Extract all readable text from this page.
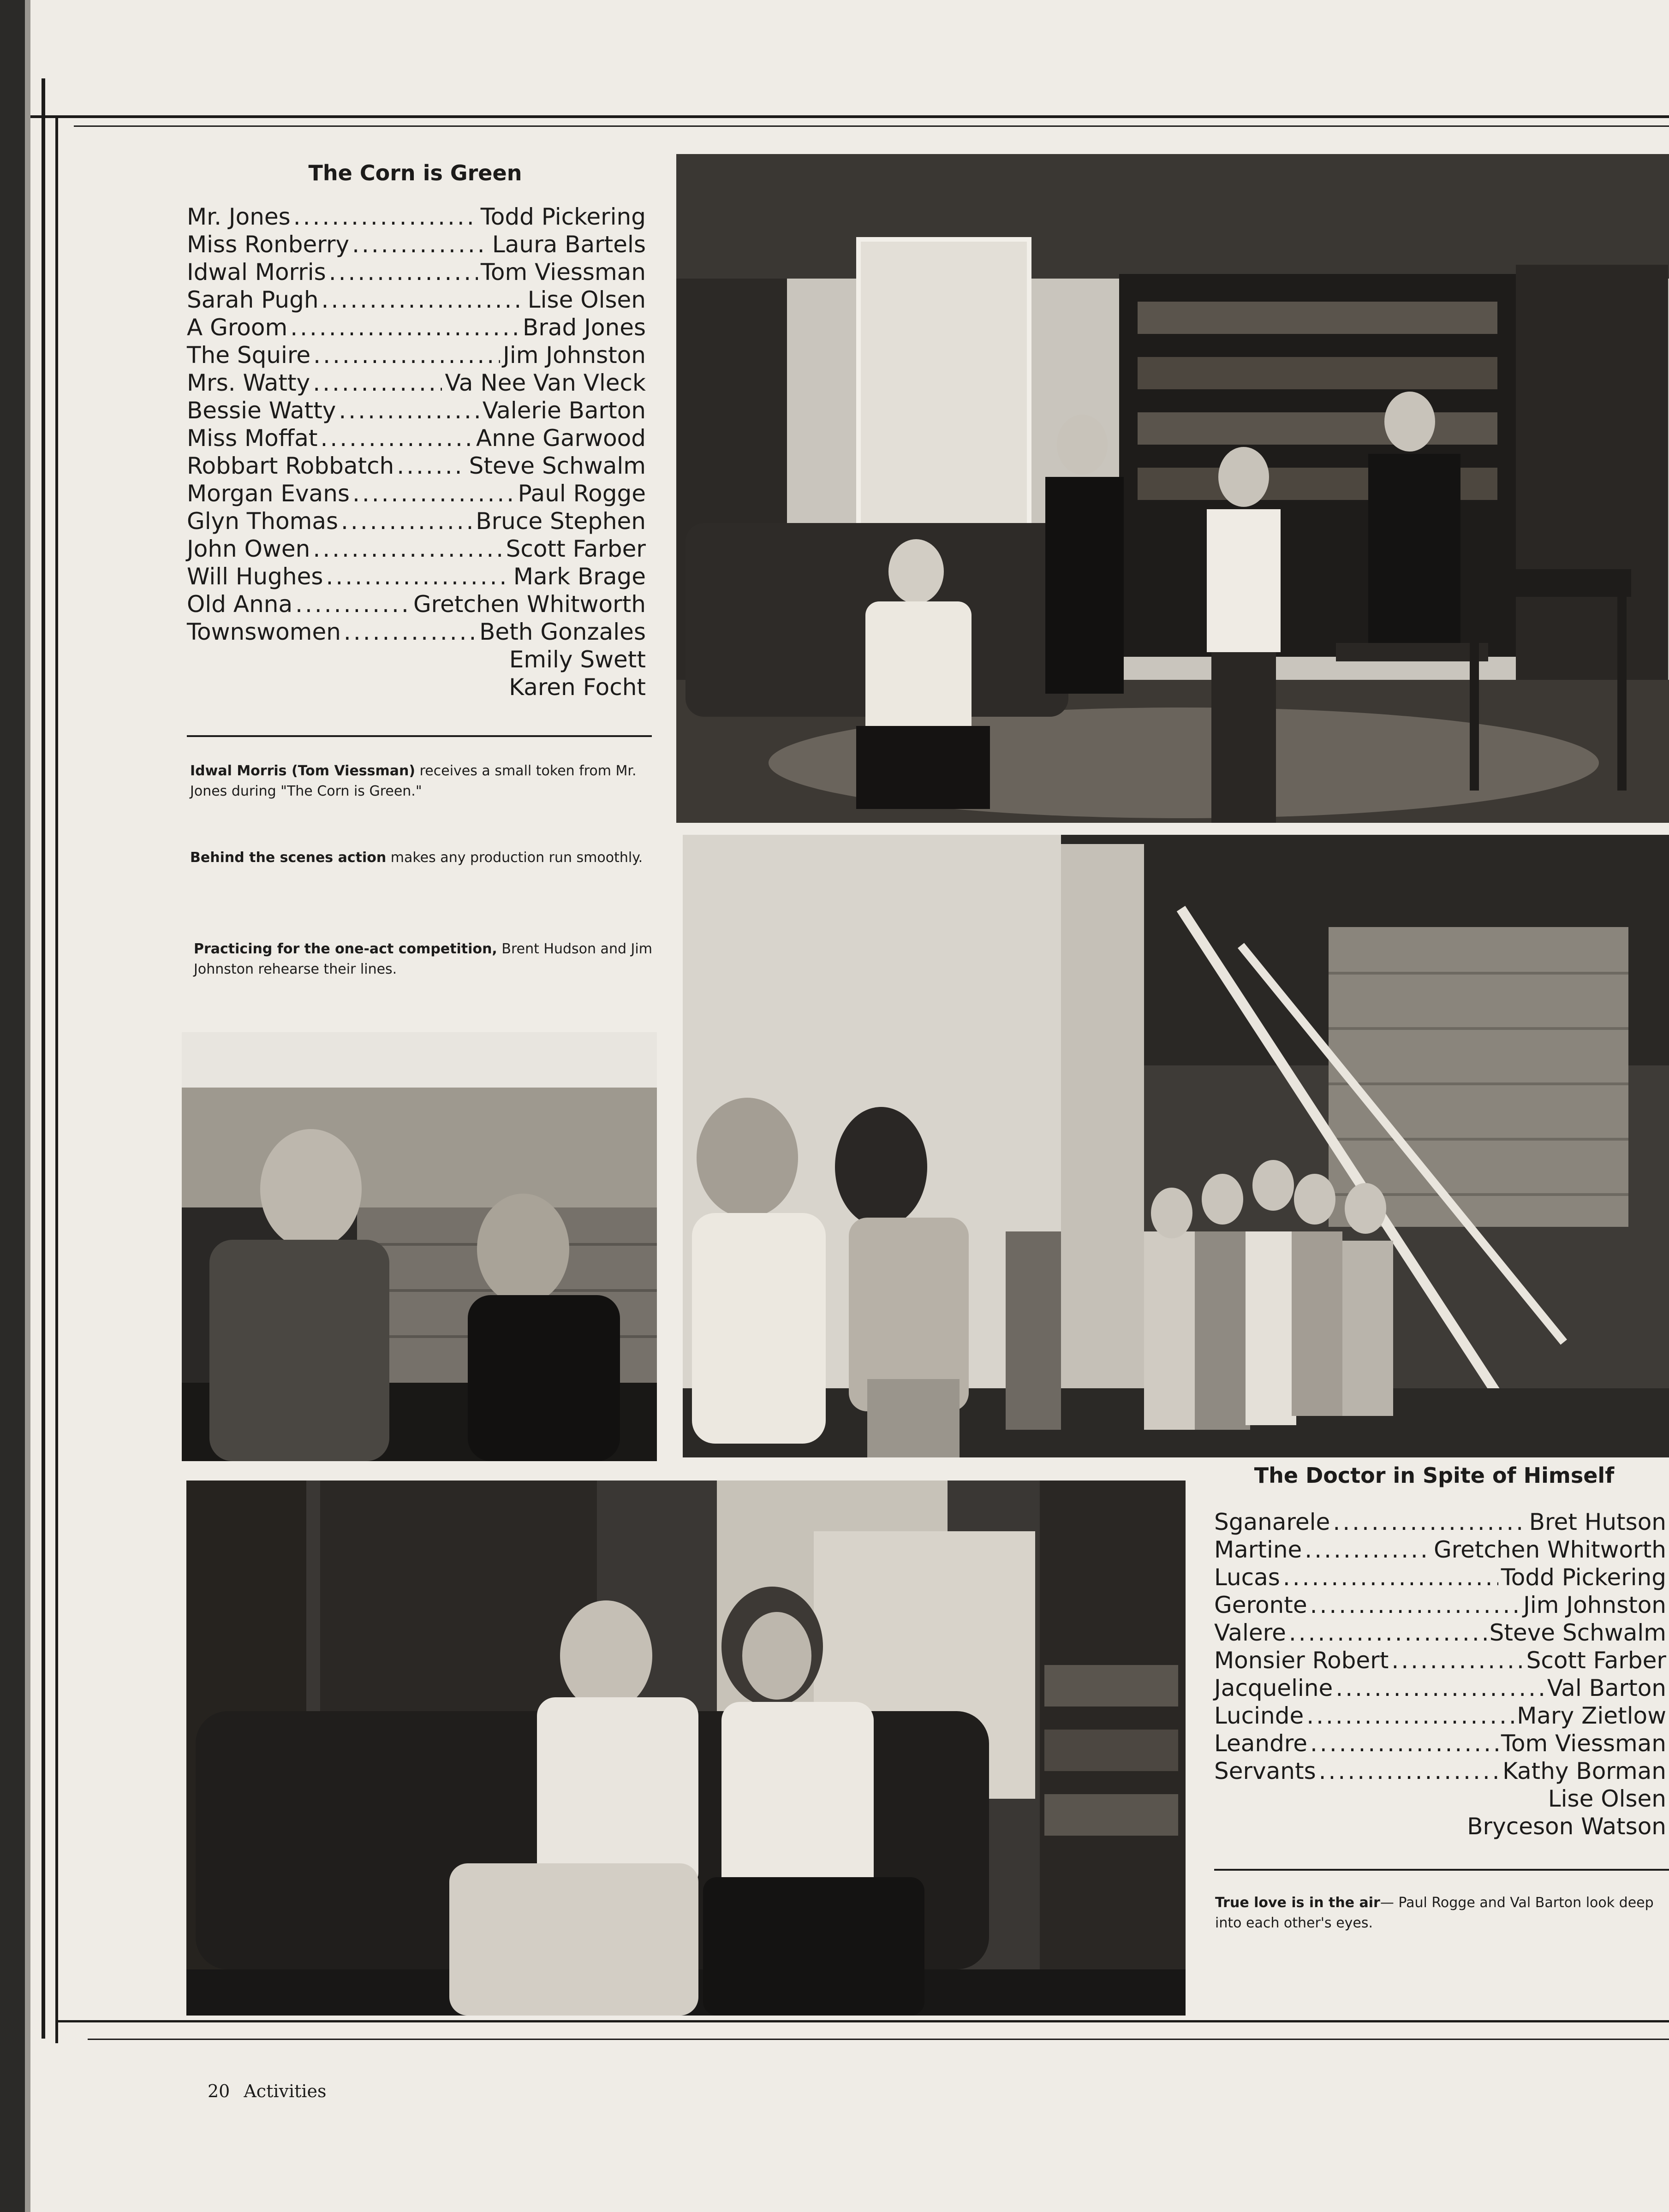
The Corn is Green
Mr. Jones .....	Todd Pickering
Miss Ronberry .....	Laura Bartels
Idwal Morris .....	Tom Viessman
Sarah Pugh .....	Lise Olsen
A Groom .....	Brad Jones
The Squire .....	Jim Johnston
Mrs. Watty .....	Va Nee Van Vleck
Bessie Watty .....	Valerie Barton
Miss Moffat .....	Anne Garwood
Robbart Robbatch .....	Steve Schwalm
Morgan Evans .....	Paul Rogge
Glyn Thomas .....	Bruce Stephen
John Owen .....	Scott Farber
Will Hughes .....	Mark Brage
Old Anna .....	Gretchen Whitworth
Townswomen .....	Beth Gonzales
Emily Swett
Karen Focht
Idwal Morris (Tom Viessman) receives a small token from Mr. Jones during "The Corn is Green."
Behind the scenes action makes any production run smoothly.
Practicing for the one-act competition, Brent Hudson and Jim Johnston rehearse their lines.
The Doctor in Spite of Himself
Sganarele .....	Bret Hutson
Martine .....	Gretchen Whitworth
Lucas .....	Todd Pickering
Geronte .....	Jim Johnston
Valere .....	Steve Schwalm
Monsier Robert .....	Scott Farber
Jacqueline .....	Val Barton
Lucinde .....	Mary Zietlow
Leandre .....	Tom Viessman
Servants .....	Kathy Borman
Lise Olsen
Bryceson Watson
True love is in the air— Paul Rogge and Val Barton look deep into each other's eyes.
20 Activities
